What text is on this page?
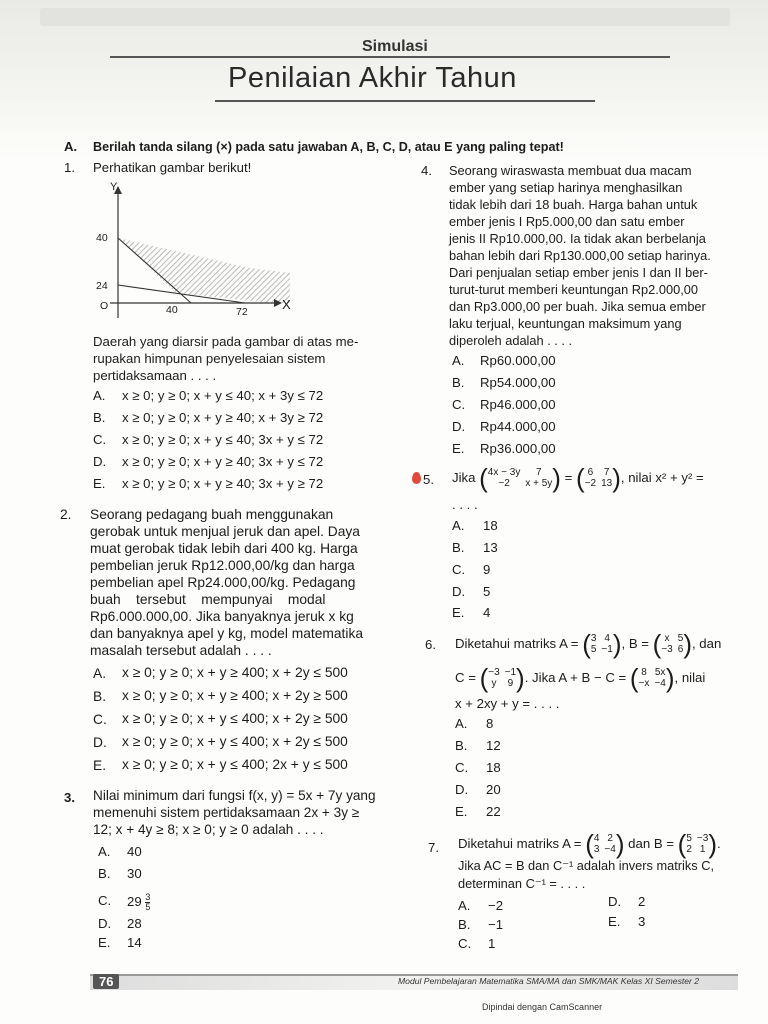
Simulasi
Penilaian Akhir Tahun
A. Berilah tanda silang (×) pada satu jawaban A, B, C, D, atau E yang paling tepat!
1. Perhatikan gambar berikut!
Y
X
40
24
O	40	72
Daerah yang diarsir pada gambar di atas me-
rupakan himpunan penyelesaian sistem
pertidaksamaan . . . .
A. x ≥ 0; y ≥ 0; x + y ≤ 40; x + 3y ≤ 72
B. x ≥ 0; y ≥ 0; x + y ≥ 40; x + 3y ≥ 72
C. x ≥ 0; y ≥ 0; x + y ≤ 40; 3x + y ≤ 72
D. x ≥ 0; y ≥ 0; x + y ≥ 40; 3x + y ≤ 72
E. x ≥ 0; y ≥ 0; x + y ≥ 40; 3x + y ≥ 72
2. Seorang pedagang buah menggunakan
gerobak untuk menjual jeruk dan apel. Daya
muat gerobak tidak lebih dari 400 kg. Harga
pembelian jeruk Rp12.000,00/kg dan harga
pembelian apel Rp24.000,00/kg. Pedagang
buah    tersebut    mempunyai    modal
Rp6.000.000,00. Jika banyaknya jeruk x kg
dan banyaknya apel y kg, model matematika
masalah tersebut adalah . . . .
A. x ≥ 0; y ≥ 0; x + y ≥ 400; x + 2y ≤ 500
B. x ≥ 0; y ≥ 0; x + y ≥ 400; x + 2y ≥ 500
C. x ≥ 0; y ≥ 0; x + y ≤ 400; x + 2y ≥ 500
D. x ≥ 0; y ≥ 0; x + y ≤ 400; x + 2y ≤ 500
E. x ≥ 0; y ≥ 0; x + y ≤ 400; 2x + y ≤ 500
3. Nilai minimum dari fungsi f(x, y) = 5x + 7y yang
memenuhi sistem pertidaksamaan 2x + 3y ≥
12; x + 4y ≥ 8; x ≥ 0; y ≥ 0 adalah . . . .
A. 40
B. 30
C. $29 \frac{3}{5}$
D. 28
E. 14
4. Seorang wiraswasta membuat dua macam
ember yang setiap harinya menghasilkan
tidak lebih dari 18 buah. Harga bahan untuk
ember jenis I Rp5.000,00 dan satu ember
jenis II Rp10.000,00. Ia tidak akan berbelanja
bahan lebih dari Rp130.000,00 setiap harinya.
Dari penjualan setiap ember jenis I dan II ber-
turut-turut memberi keuntungan Rp2.000,00
dan Rp3.000,00 per buah. Jika semua ember
laku terjual, keuntungan maksimum yang
diperoleh adalah . . . .
A. Rp60.000,00
B. Rp54.000,00
C. Rp46.000,00
D. Rp44.000,00
E. Rp36.000,00
5. Jika
( 4x − 3y	7
−2	x + 5y )
=
( 6 7
−2 13 ) , nilai x² + y² =
. . . .
A. 18
B. 13
C. 9
D. 5
E. 4
6. Diketahui matriks A =
( 3 4
5 −1 ) , B =
( x 5
−3 6 ) , dan
C =
( −3 −1
y	9 ) . Jika A + B − C =
( 8 5x
−x −4 ) , nilai
x + 2xy + y = . . . .
A. 8
B. 12
C. 18
D. 20
E. 22
7. Diketahui matriks A =
( 4 2
3 −4 )
dan B =
( 5 −3
2 1 ) .
Jika AC = B dan C⁻¹ adalah invers matriks C,
determinan C⁻¹ = . . . .
A. −2
B. −1
C. 1
D. 2
E. 3
76	Modul Pembelajaran Matematika SMA/MA dan SMK/MAK Kelas XI Semester 2
Dipindai dengan CamScanner
